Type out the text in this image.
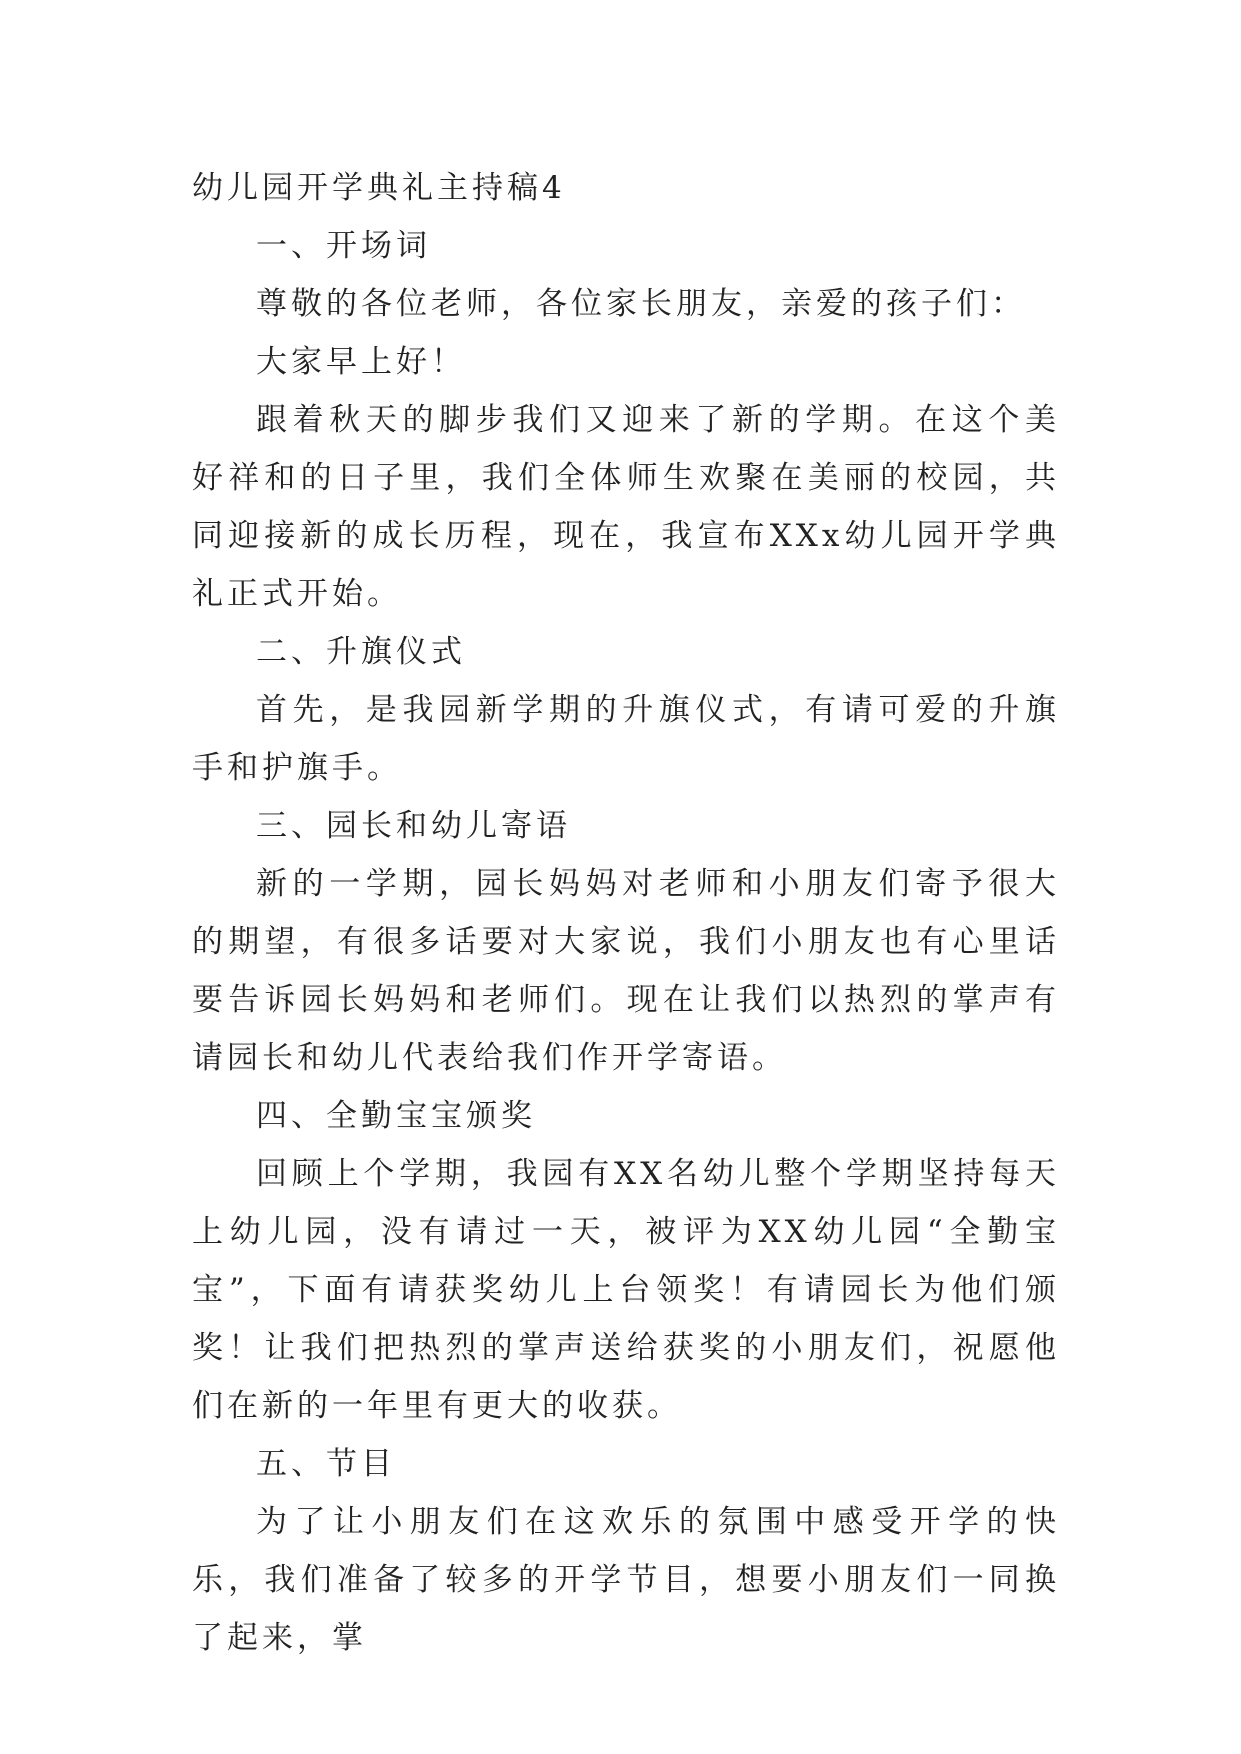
幼儿园开学典礼主持稿4

一、开场词

尊敬的各位老师，各位家长朋友，亲爱的孩子们：

大家早上好！

跟着秋天的脚步我们又迎来了新的学期。在这个美好祥和的日子里，我们全体师生欢聚在美丽的校园，共同迎接新的成长历程，现在，我宣布XXx幼儿园开学典礼正式开始。

二、升旗仪式

首先，是我园新学期的升旗仪式，有请可爱的升旗手和护旗手。

三、园长和幼儿寄语

新的一学期，园长妈妈对老师和小朋友们寄予很大的期望，有很多话要对大家说，我们小朋友也有心里话要告诉园长妈妈和老师们。现在让我们以热烈的掌声有请园长和幼儿代表给我们作开学寄语。

四、全勤宝宝颁奖

回顾上个学期，我园有XX名幼儿整个学期坚持每天上幼儿园，没有请过一天，被评为XX幼儿园“全勤宝宝”，下面有请获奖幼儿上台领奖！有请园长为他们颁奖！让我们把热烈的掌声送给获奖的小朋友们，祝愿他们在新的一年里有更大的收获。

五、节目

为了让小朋友们在这欢乐的氛围中感受开学的快乐，我们准备了较多的开学节目，想要小朋友们一同换了起来，掌
